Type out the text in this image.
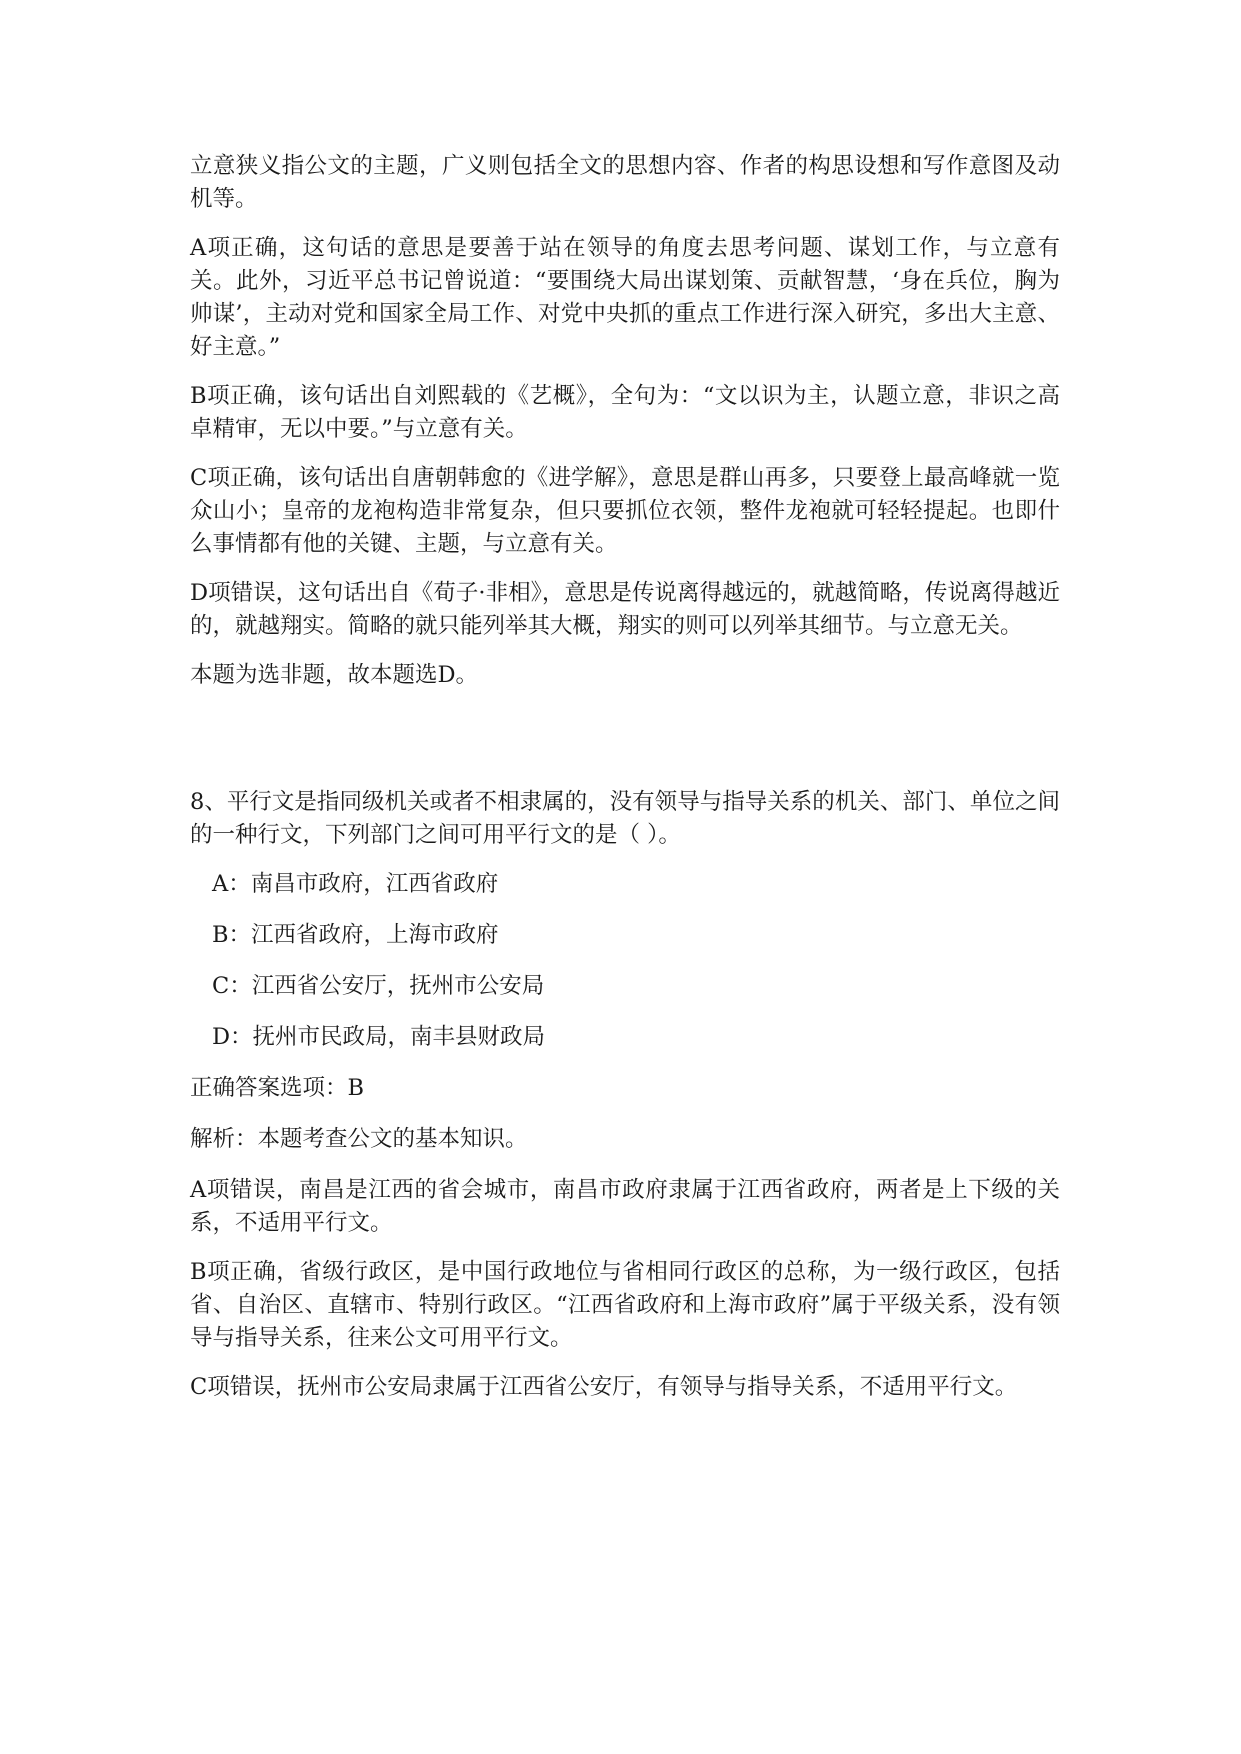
立意狭义指公文的主题，广义则包括全文的思想内容、作者的构思设想和写作意图及动机等。

A项正确，这句话的意思是要善于站在领导的角度去思考问题、谋划工作，与立意有关。此外，习近平总书记曾说道：“要围绕大局出谋划策、贡献智慧，‘身在兵位，胸为帅谋’，主动对党和国家全局工作、对党中央抓的重点工作进行深入研究，多出大主意、好主意。”

B项正确，该句话出自刘熙载的《艺概》，全句为：“文以识为主，认题立意，非识之高卓精审，无以中要。”与立意有关。

C项正确，该句话出自唐朝韩愈的《进学解》，意思是群山再多，只要登上最高峰就一览众山小；皇帝的龙袍构造非常复杂，但只要抓位衣领，整件龙袍就可轻轻提起。也即什么事情都有他的关键、主题，与立意有关。

D项错误，这句话出自《荀子·非相》，意思是传说离得越远的，就越简略，传说离得越近的，就越翔实。简略的就只能列举其大概，翔实的则可以列举其细节。与立意无关。

本题为选非题，故本题选D。

8、平行文是指同级机关或者不相隶属的，没有领导与指导关系的机关、部门、单位之间的一种行文，下列部门之间可用平行文的是（ ）。

A：南昌市政府，江西省政府

B：江西省政府，上海市政府

C：江西省公安厅，抚州市公安局

D：抚州市民政局，南丰县财政局

正确答案选项：B

解析：本题考查公文的基本知识。

A项错误，南昌是江西的省会城市，南昌市政府隶属于江西省政府，两者是上下级的关系，不适用平行文。

B项正确，省级行政区，是中国行政地位与省相同行政区的总称，为一级行政区，包括省、自治区、直辖市、特别行政区。“江西省政府和上海市政府”属于平级关系，没有领导与指导关系，往来公文可用平行文。

C项错误，抚州市公安局隶属于江西省公安厅，有领导与指导关系，不适用平行文。
